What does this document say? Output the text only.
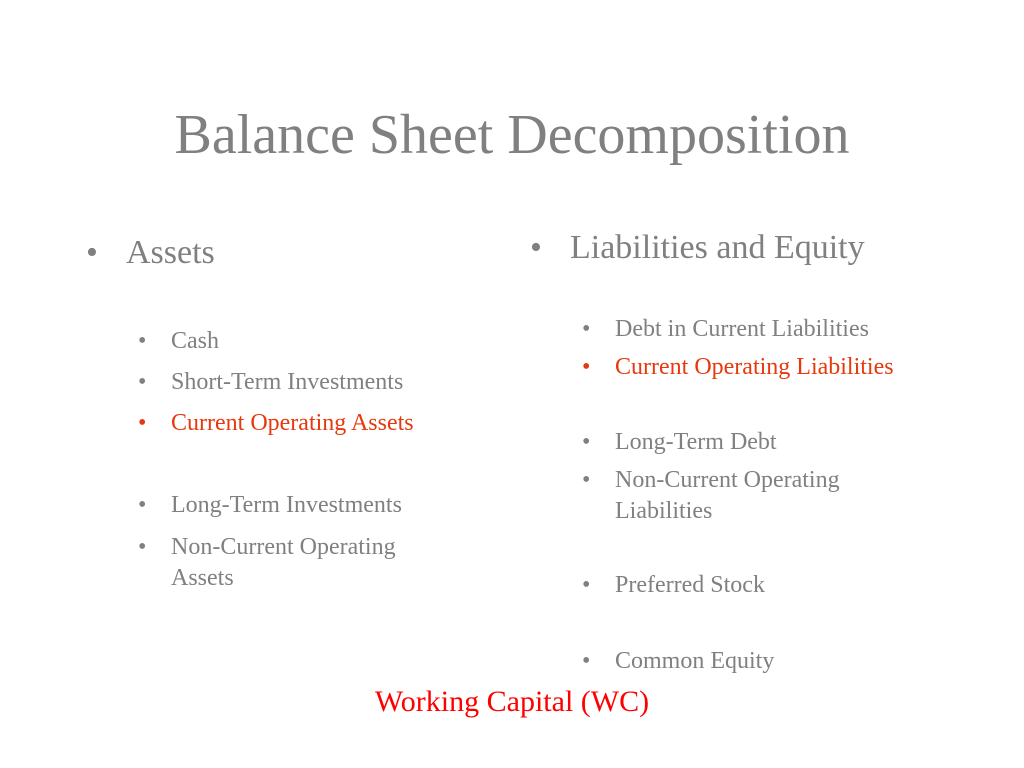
Balance Sheet Decomposition
• Assets
• Cash
• Short-Term Investments
• Current Operating Assets
• Long-Term Investments
• Non-Current Operating
Assets
• Liabilities and Equity
• Debt in Current Liabilities
• Current Operating Liabilities
• Long-Term Debt
• Non-Current Operating
Liabilities
• Preferred Stock
• Common Equity
Working Capital (WC)
